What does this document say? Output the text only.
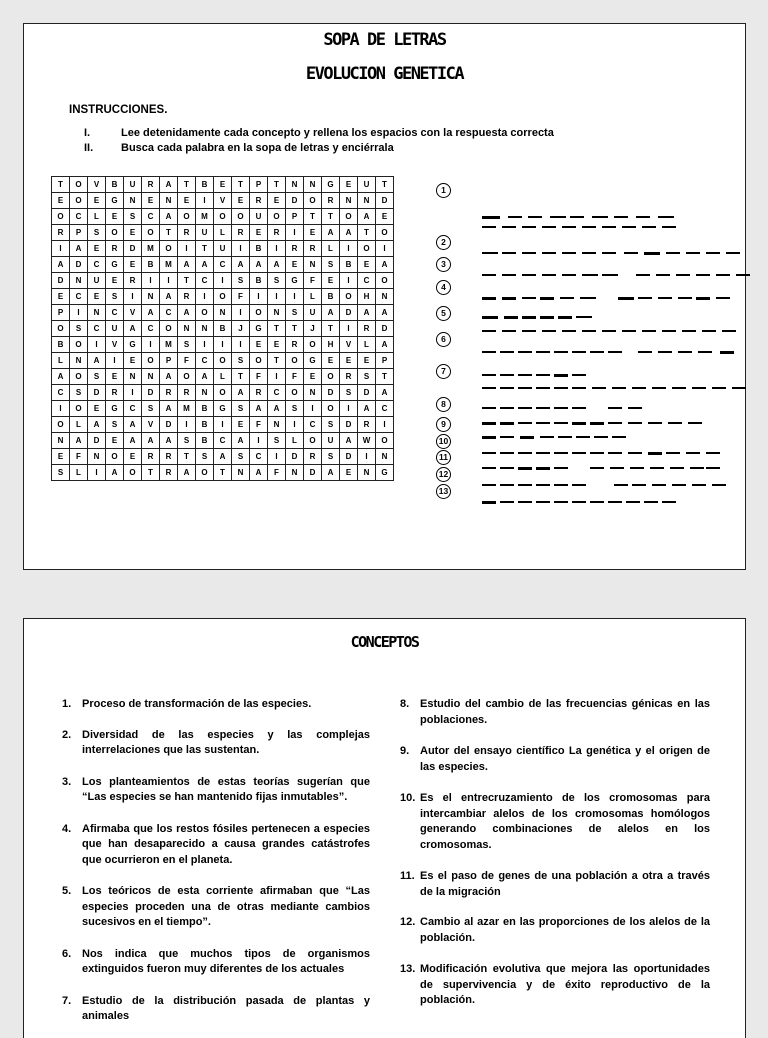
SOPA DE LETRAS
EVOLUCION GENETICA
INSTRUCCIONES.
I.	Lee detenidamente cada concepto y rellena los espacios con la respuesta correcta
II.	Busca cada palabra en la sopa de letras y enciérrala
T	O	V	B	U	R	A	T	B	E	T	P	T	N	N	G	E	U	T
E	O	E	G	N	E	N	E	I	V	E	R	E	D	O	R	N	N	D
O	C	L	E	S	C	A	O	M	O	O	U	O	P	T	T	O	A	E
R	P	S	O	E	O	T	R	U	L	R	E	R	I	E	A	A	T	O
I	A	E	R	D	M	O	I	T	U	I	B	I	R	R	L	I	O	I
A	D	C	G	E	B	M	A	A	C	A	A	A	E	N	S	B	E	A
D	N	U	E	R	I	I	T	C	I	S	B	S	G	F	E	I	C	O
E	C	E	S	I	N	A	R	I	O	F	I	I	I	L	B	O	H	N
P	I	N	C	V	A	C	A	O	N	I	O	N	S	U	A	D	A	A
O	S	C	U	A	C	O	N	N	B	J	G	T	T	J	T	I	R	D
B	O	I	V	G	I	M	S	I	I	I	E	E	R	O	H	V	L	A
L	N	A	I	E	O	P	F	C	O	S	O	T	O	G	E	E	E	P
A	O	S	E	N	N	A	O	A	L	T	F	I	F	E	O	R	S	T
C	S	D	R	I	D	R	R	N	O	A	R	C	O	N	D	S	D	A
I	O	E	G	C	S	A	M	B	G	S	A	A	S	I	O	I	A	C
O	L	A	S	A	V	D	I	B	I	E	F	N	I	C	S	D	R	I
N	A	D	E	A	A	A	S	B	C	A	I	S	L	O	U	A	W	O
E	F	N	O	E	R	R	T	S	A	S	C	I	D	R	S	D	I	N
S	L	I	A	O	T	R	A	O	T	N	A	F	N	D	A	E	N	G
1
2
3
4
5
6
7
8
9
10
11
12
13
CONCEPTOS
1. Proceso de transformación de las especies.
2. Diversidad de las especies y las complejas interrelaciones que las sustentan.
3. Los planteamientos de estas teorías sugerían que “Las especies se han mantenido fijas inmutables”.
4. Afirmaba que los restos fósiles pertenecen a especies que han desaparecido a causa grandes catástrofes que ocurrieron en el planeta.
5. Los teóricos de esta corriente afirmaban que “Las especies proceden una de otras mediante cambios sucesivos en el tiempo”.
6. Nos indica que muchos tipos de organismos extinguidos fueron muy diferentes de los actuales
7. Estudio de la distribución pasada de plantas y animales
8. Estudio del cambio de las frecuencias génicas en las poblaciones.
9. Autor del ensayo científico La genética y el origen de las especies.
10. Es el entrecruzamiento de los cromosomas para intercambiar alelos de los cromosomas homólogos generando combinaciones de alelos en los cromosomas.
11. Es el paso de genes de una población a otra a través de la migración
12. Cambio al azar en las proporciones de los alelos de la población.
13. Modificación evolutiva que mejora las oportunidades de supervivencia y de éxito reproductivo de la población.
